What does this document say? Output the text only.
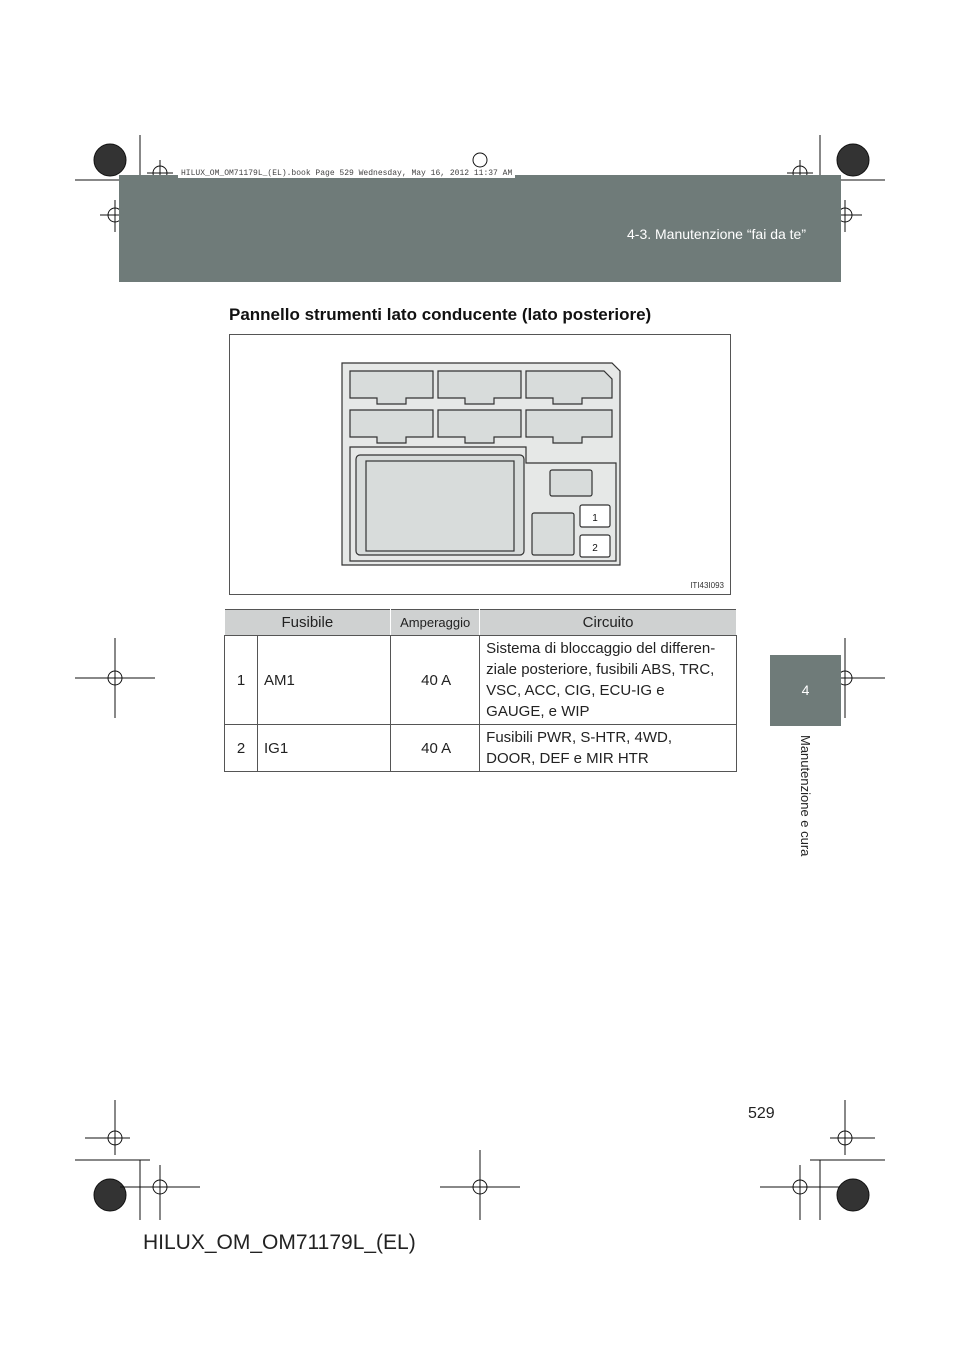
HILUX_OM_OM71179L_(EL).book Page 529 Wednesday, May 16, 2012 11:37 AM
4-3. Manutenzione “fai da te”
4
Manutenzione e cura
Pannello strumenti lato conducente (lato posteriore)
1
2
ITI43I093
Fusibile		Amperaggio	Circuito
1	AM1	40 A	Sistema di bloccaggio del differen-
ziale posteriore, fusibili ABS, TRC,
VSC, ACC, CIG, ECU-IG e
GAUGE, e WIP
2	IG1	40 A	Fusibili PWR, S-HTR, 4WD,
DOOR, DEF e MIR HTR
529
HILUX_OM_OM71179L_(EL)
